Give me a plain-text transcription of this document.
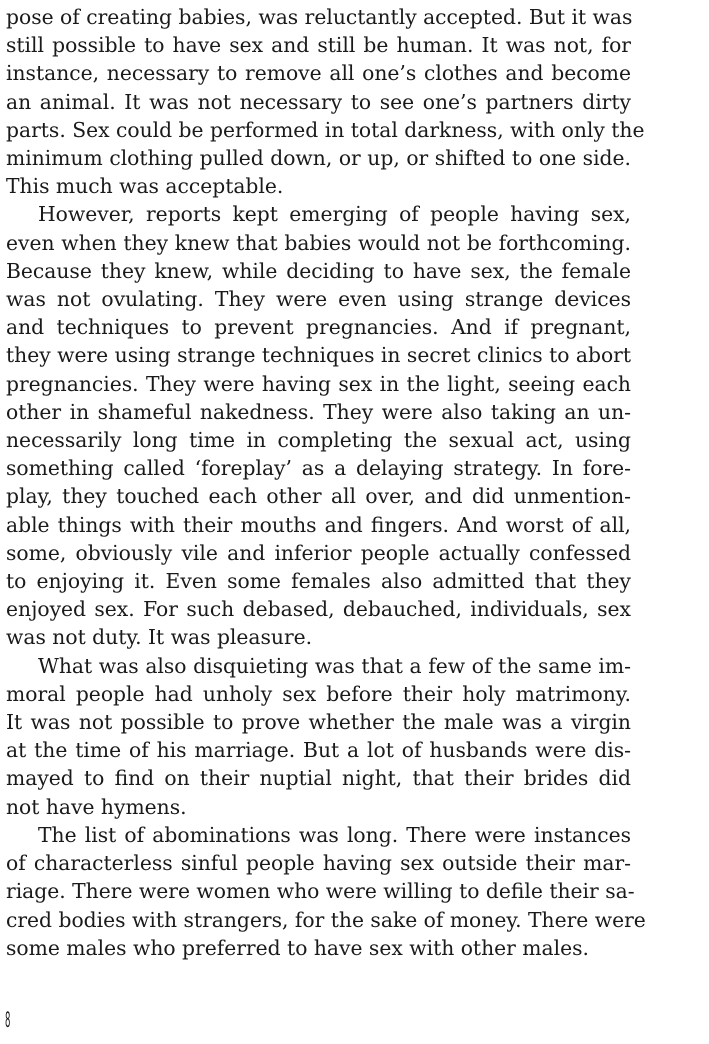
pose of creating babies, was reluctantly accepted. But it was
still possible to have sex and still be human. It was not, for
instance, necessary to remove all one’s clothes and become
an animal. It was not necessary to see one’s partners dirty
parts. Sex could be performed in total darkness, with only the
minimum clothing pulled down, or up, or shifted to one side.
This much was acceptable.
However, reports kept emerging of people having sex,
even when they knew that babies would not be forthcoming.
Because they knew, while deciding to have sex, the female
was not ovulating. They were even using strange devices
and techniques to prevent pregnancies. And if pregnant,
they were using strange techniques in secret clinics to abort
pregnancies. They were having sex in the light, seeing each
other in shameful nakedness. They were also taking an un-
necessarily long time in completing the sexual act, using
something called ‘foreplay’ as a delaying strategy. In fore-
play, they touched each other all over, and did unmention-
able things with their mouths and fingers. And worst of all,
some, obviously vile and inferior people actually confessed
to enjoying it. Even some females also admitted that they
enjoyed sex. For such debased, debauched, individuals, sex
was not duty. It was pleasure.
What was also disquieting was that a few of the same im-
moral people had unholy sex before their holy matrimony.
It was not possible to prove whether the male was a virgin
at the time of his marriage. But a lot of husbands were dis-
mayed to find on their nuptial night, that their brides did
not have hymens.
The list of abominations was long. There were instances
of characterless sinful people having sex outside their mar-
riage. There were women who were willing to defile their sa-
cred bodies with strangers, for the sake of money. There were
some males who preferred to have sex with other males.
8
